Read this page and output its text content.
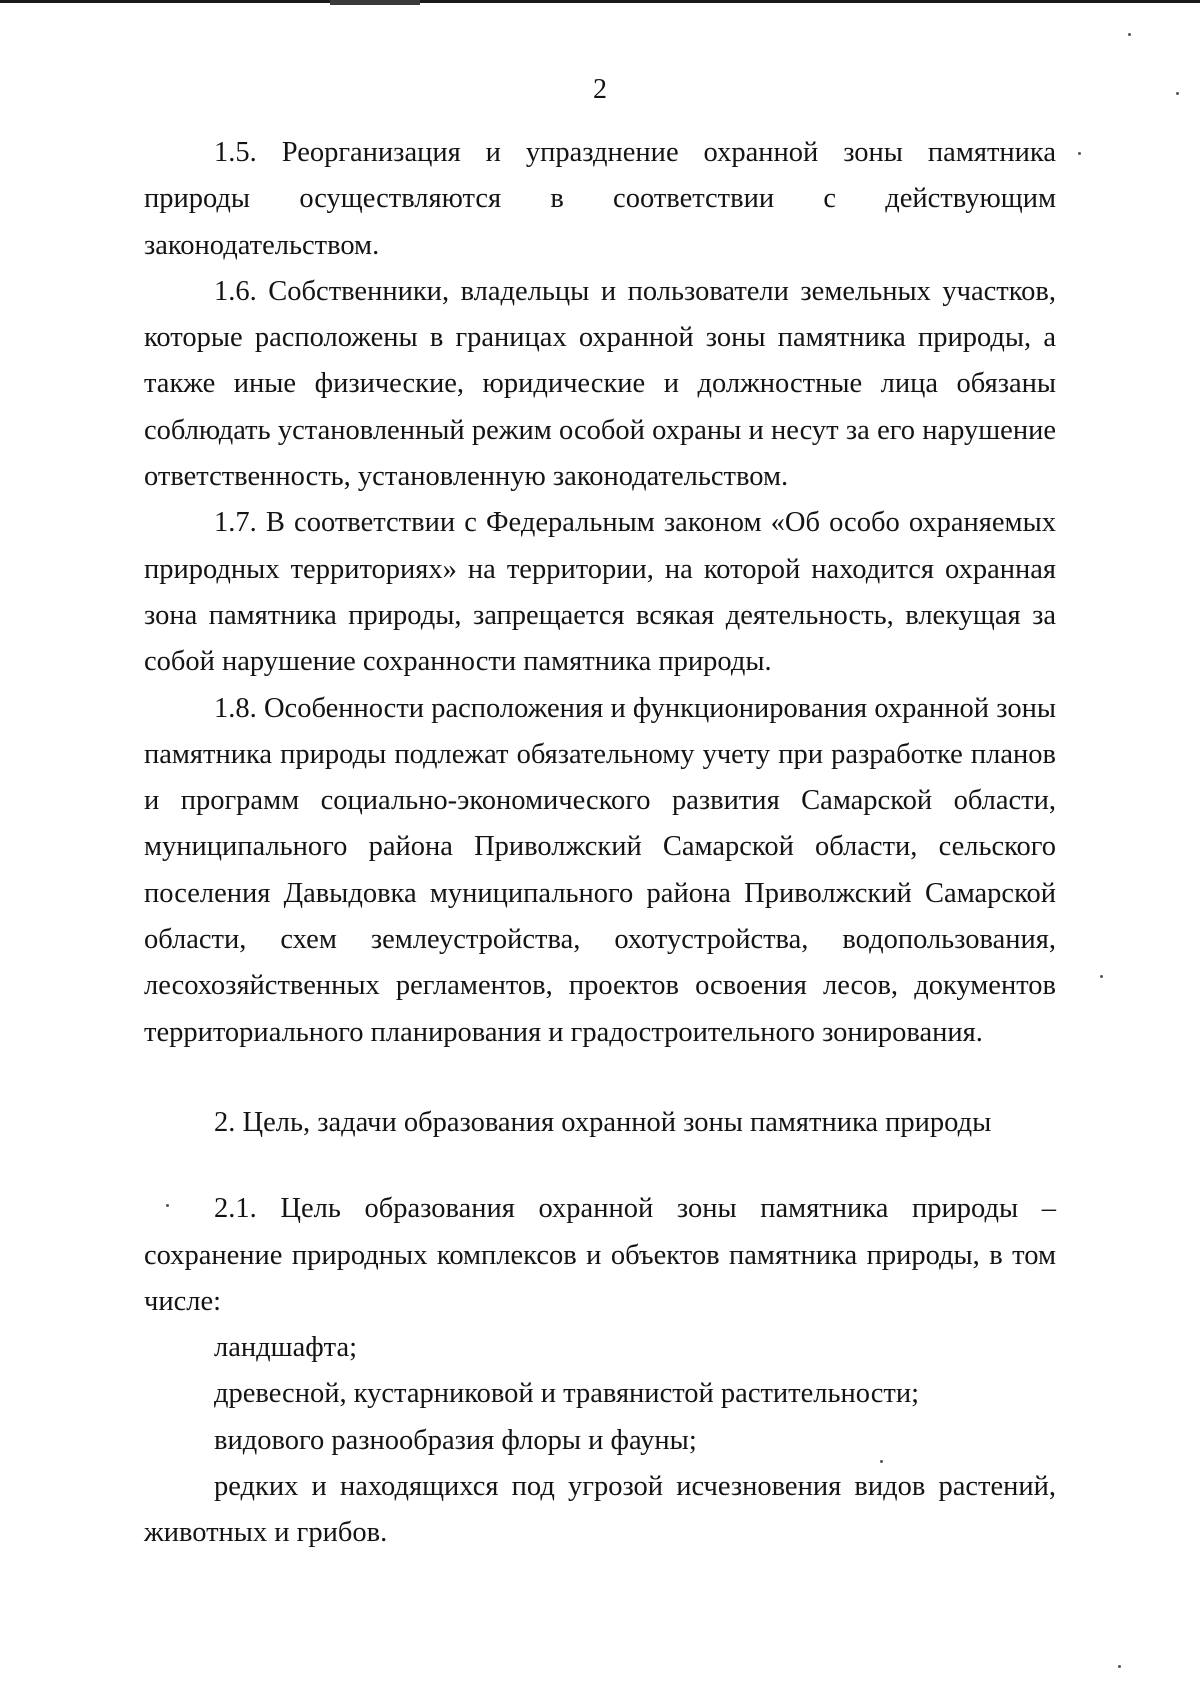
2

1.5. Реорганизация и упразднение охранной зоны памятника природы осуществляются в соответствии с действующим законодательством.

1.6. Собственники, владельцы и пользователи земельных участков, которые расположены в границах охранной зоны памятника природы, а также иные физические, юридические и должностные лица обязаны соблюдать установленный режим особой охраны и несут за его нарушение ответственность, установленную законодательством.

1.7. В соответствии с Федеральным законом «Об особо охраняемых природных территориях» на территории, на которой находится охранная зона памятника природы, запрещается всякая деятельность, влекущая за собой нарушение сохранности памятника природы.

1.8. Особенности расположения и функционирования охранной зоны памятника природы подлежат обязательному учету при разработке планов и программ социально-экономического развития Самарской области, муниципального района Приволжский Самарской области, сельского поселения Давыдовка муниципального района Приволжский Самарской области, схем землеустройства, охотустройства, водопользования, лесохозяйственных регламентов, проектов освоения лесов, документов территориального планирования и градостроительного зонирования.

2. Цель, задачи образования охранной зоны памятника природы

2.1. Цель образования охранной зоны памятника природы – сохранение природных комплексов и объектов памятника природы, в том числе:

ландшафта;

древесной, кустарниковой и травянистой растительности;

видового разнообразия флоры и фауны;

редких и находящихся под угрозой исчезновения видов растений, животных и грибов.
